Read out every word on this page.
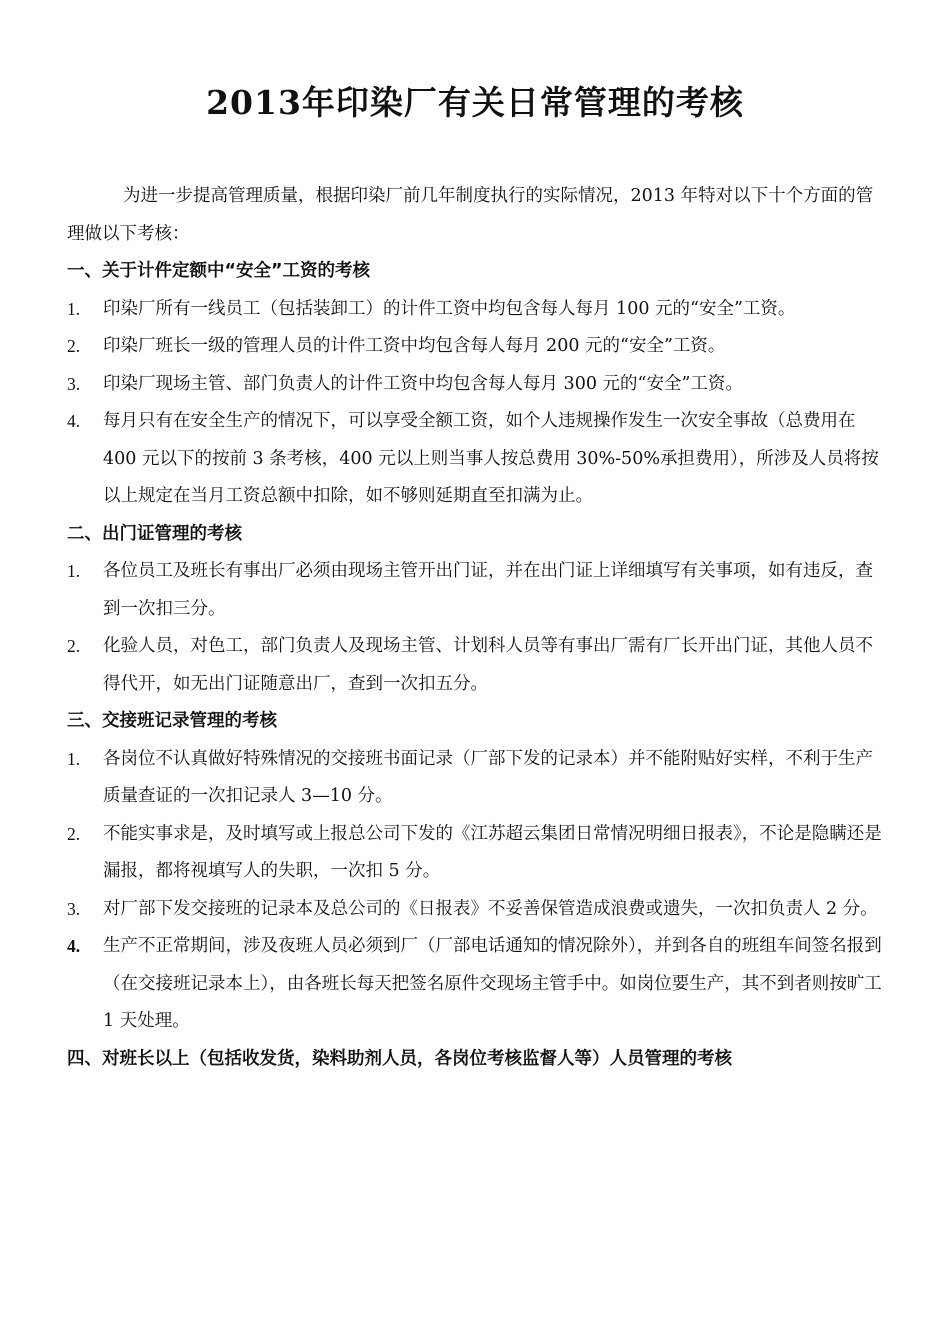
2013年印染厂有关日常管理的考核

为进一步提高管理质量，根据印染厂前几年制度执行的实际情况，2013 年特对以下十个方面的管理做以下考核：

一、关于计件定额中“安全”工资的考核

1.	印染厂所有一线员工（包括装卸工）的计件工资中均包含每人每月 100 元的“安全”工资。
2.	印染厂班长一级的管理人员的计件工资中均包含每人每月 200 元的“安全”工资。
3.	印染厂现场主管、部门负责人的计件工资中均包含每人每月 300 元的“安全”工资。
4.	每月只有在安全生产的情况下，可以享受全额工资，如个人违规操作发生一次安全事故（总费用在 400 元以下的按前 3 条考核，400 元以上则当事人按总费用 30%-50%承担费用），所涉及人员将按以上规定在当月工资总额中扣除，如不够则延期直至扣满为止。

二、出门证管理的考核

1.	各位员工及班长有事出厂必须由现场主管开出门证，并在出门证上详细填写有关事项，如有违反，查到一次扣三分。
2.	化验人员，对色工，部门负责人及现场主管、计划科人员等有事出厂需有厂长开出门证，其他人员不得代开，如无出门证随意出厂，查到一次扣五分。

三、交接班记录管理的考核

1.	各岗位不认真做好特殊情况的交接班书面记录（厂部下发的记录本）并不能附贴好实样，不利于生产质量查证的一次扣记录人 3—10 分。
2.	不能实事求是，及时填写或上报总公司下发的《江苏超云集团日常情况明细日报表》，不论是隐瞒还是漏报，都将视填写人的失职，一次扣 5 分。
3.	对厂部下发交接班的记录本及总公司的《日报表》不妥善保管造成浪费或遗失，一次扣负责人 2 分。
4.	生产不正常期间，涉及夜班人员必须到厂（厂部电话通知的情况除外），并到各自的班组车间签名报到（在交接班记录本上），由各班长每天把签名原件交现场主管手中。如岗位要生产，其不到者则按旷工 1 天处理。

四、对班长以上（包括收发货，染料助剂人员，各岗位考核监督人等）人员管理的考核
